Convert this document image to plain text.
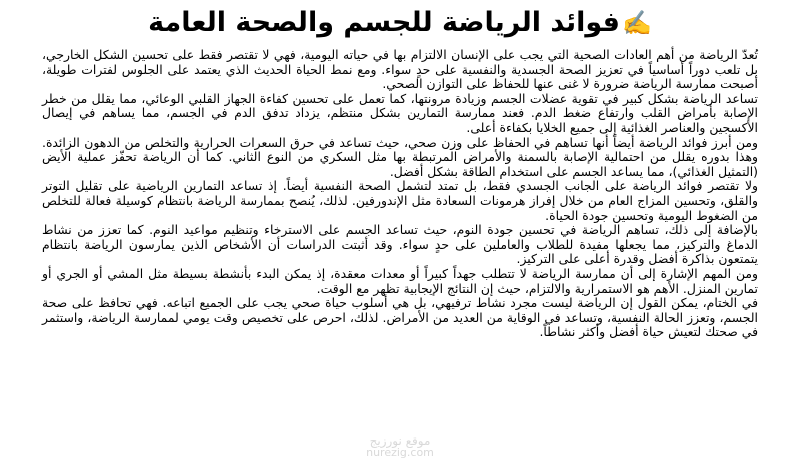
✍️فوائد الرياضة للجسم والصحة العامة

تُعدّ الرياضة من أهم العادات الصحية التي يجب على الإنسان الالتزام بها في حياته اليومية، فهي لا تقتصر فقط على تحسين الشكل الخارجي، بل تلعب دوراً أساسياً في تعزيز الصحة الجسدية والنفسية على حدٍ سواء. ومع نمط الحياة الحديث الذي يعتمد على الجلوس لفترات طويلة، أصبحت ممارسة الرياضة ضرورة لا غنى عنها للحفاظ على التوازن الصحي.

تساعد الرياضة بشكل كبير في تقوية عضلات الجسم وزيادة مرونتها، كما تعمل على تحسين كفاءة الجهاز القلبي الوعائي، مما يقلل من خطر الإصابة بأمراض القلب وارتفاع ضغط الدم. فعند ممارسة التمارين بشكل منتظم، يزداد تدفق الدم في الجسم، مما يساهم في إيصال الأكسجين والعناصر الغذائية إلى جميع الخلايا بكفاءة أعلى.

ومن أبرز فوائد الرياضة أيضاً أنها تساهم في الحفاظ على وزن صحي، حيث تساعد في حرق السعرات الحرارية والتخلص من الدهون الزائدة. وهذا بدوره يقلل من احتمالية الإصابة بالسمنة والأمراض المرتبطة بها مثل السكري من النوع الثاني. كما أن الرياضة تحفّز عملية الأيض (التمثيل الغذائي)، مما يساعد الجسم على استخدام الطاقة بشكل أفضل.

ولا تقتصر فوائد الرياضة على الجانب الجسدي فقط، بل تمتد لتشمل الصحة النفسية أيضاً. إذ تساعد التمارين الرياضية على تقليل التوتر والقلق، وتحسين المزاج العام من خلال إفراز هرمونات السعادة مثل الإندورفين. لذلك، يُنصح بممارسة الرياضة بانتظام كوسيلة فعالة للتخلص من الضغوط اليومية وتحسين جودة الحياة.

بالإضافة إلى ذلك، تساهم الرياضة في تحسين جودة النوم، حيث تساعد الجسم على الاسترخاء وتنظيم مواعيد النوم. كما تعزز من نشاط الدماغ والتركيز، مما يجعلها مفيدة للطلاب والعاملين على حدٍ سواء. وقد أثبتت الدراسات أن الأشخاص الذين يمارسون الرياضة بانتظام يتمتعون بذاكرة أفضل وقدرة أعلى على التركيز.

ومن المهم الإشارة إلى أن ممارسة الرياضة لا تتطلب جهداً كبيراً أو معدات معقدة، إذ يمكن البدء بأنشطة بسيطة مثل المشي أو الجري أو تمارين المنزل. الأهم هو الاستمرارية والالتزام، حيث إن النتائج الإيجابية تظهر مع الوقت.

في الختام، يمكن القول إن الرياضة ليست مجرد نشاط ترفيهي، بل هي أسلوب حياة صحي يجب على الجميع اتباعه. فهي تحافظ على صحة الجسم، وتعزز الحالة النفسية، وتساعد في الوقاية من العديد من الأمراض. لذلك، احرص على تخصيص وقت يومي لممارسة الرياضة، واستثمر في صحتك لتعيش حياة أفضل وأكثر نشاطاً.

موقع نورزيج
nurezig.com
